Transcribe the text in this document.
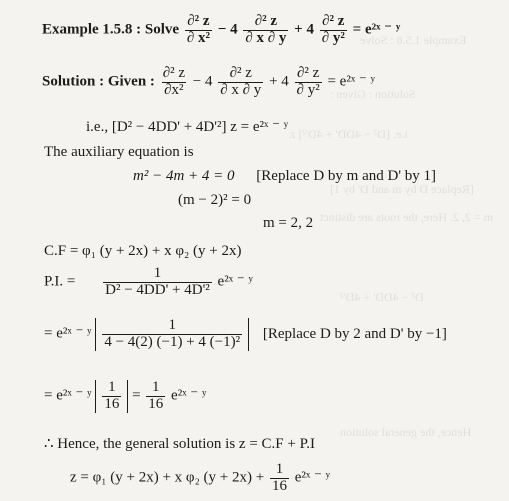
Example 1.5.8 : Solve
Solution : Given :
i.e. [D² − 4DD' + 4D'²] z
[Replace D by m and D' by 1]
m = 2, 2. Here, the roots are distinct
D² − 4DD' + 4D'²
Hence, the general solution
Example 1.5.8 : Solve $\frac{\text{∂² z}}{\text{∂ x²}} - 4 \frac{\text{∂² z}}{\partial x \partial y} + 4 \frac{\text{∂² z}}{\text{∂ y²}}$ = e²ˣ ⁻ ʸ
Solution : Given : $\frac{\text{∂² z}}{\text{∂x²}} - 4 \frac{\text{∂² z}}{\partial x \partial y} + 4 \frac{\text{∂² z}}{\text{∂ y²}}$ = e²ˣ ⁻ ʸ
i.e., [D² − 4DD' + 4D'²] z = e²ˣ ⁻ ʸ
The auxiliary equation is
m² − 4m + 4 = 0 [Replace D by m and D' by 1]
(m − 2)² = 0
m = 2, 2
C.F = φ₁ (y + 2x) + x φ₂ (y + 2x)
P.I. = $\frac{1}{\text{D² − 4DD' + 4D'²}}$ e²ˣ ⁻ ʸ
= e²ˣ ⁻ ʸ $\frac{1}{\text{4 − 4(2) (−1) + 4 (−1)²}}$ [Replace D by 2 and D' by −1]
= e²ˣ ⁻ ʸ $\frac{1}{16} = \frac{1}{16}$ e²ˣ ⁻ ʸ
∴ Hence, the general solution is z = C.F + P.I
z = φ₁ (y + 2x) + x φ₂ $(y + 2x) + \frac{1}{16}$ e²ˣ ⁻ ʸ
